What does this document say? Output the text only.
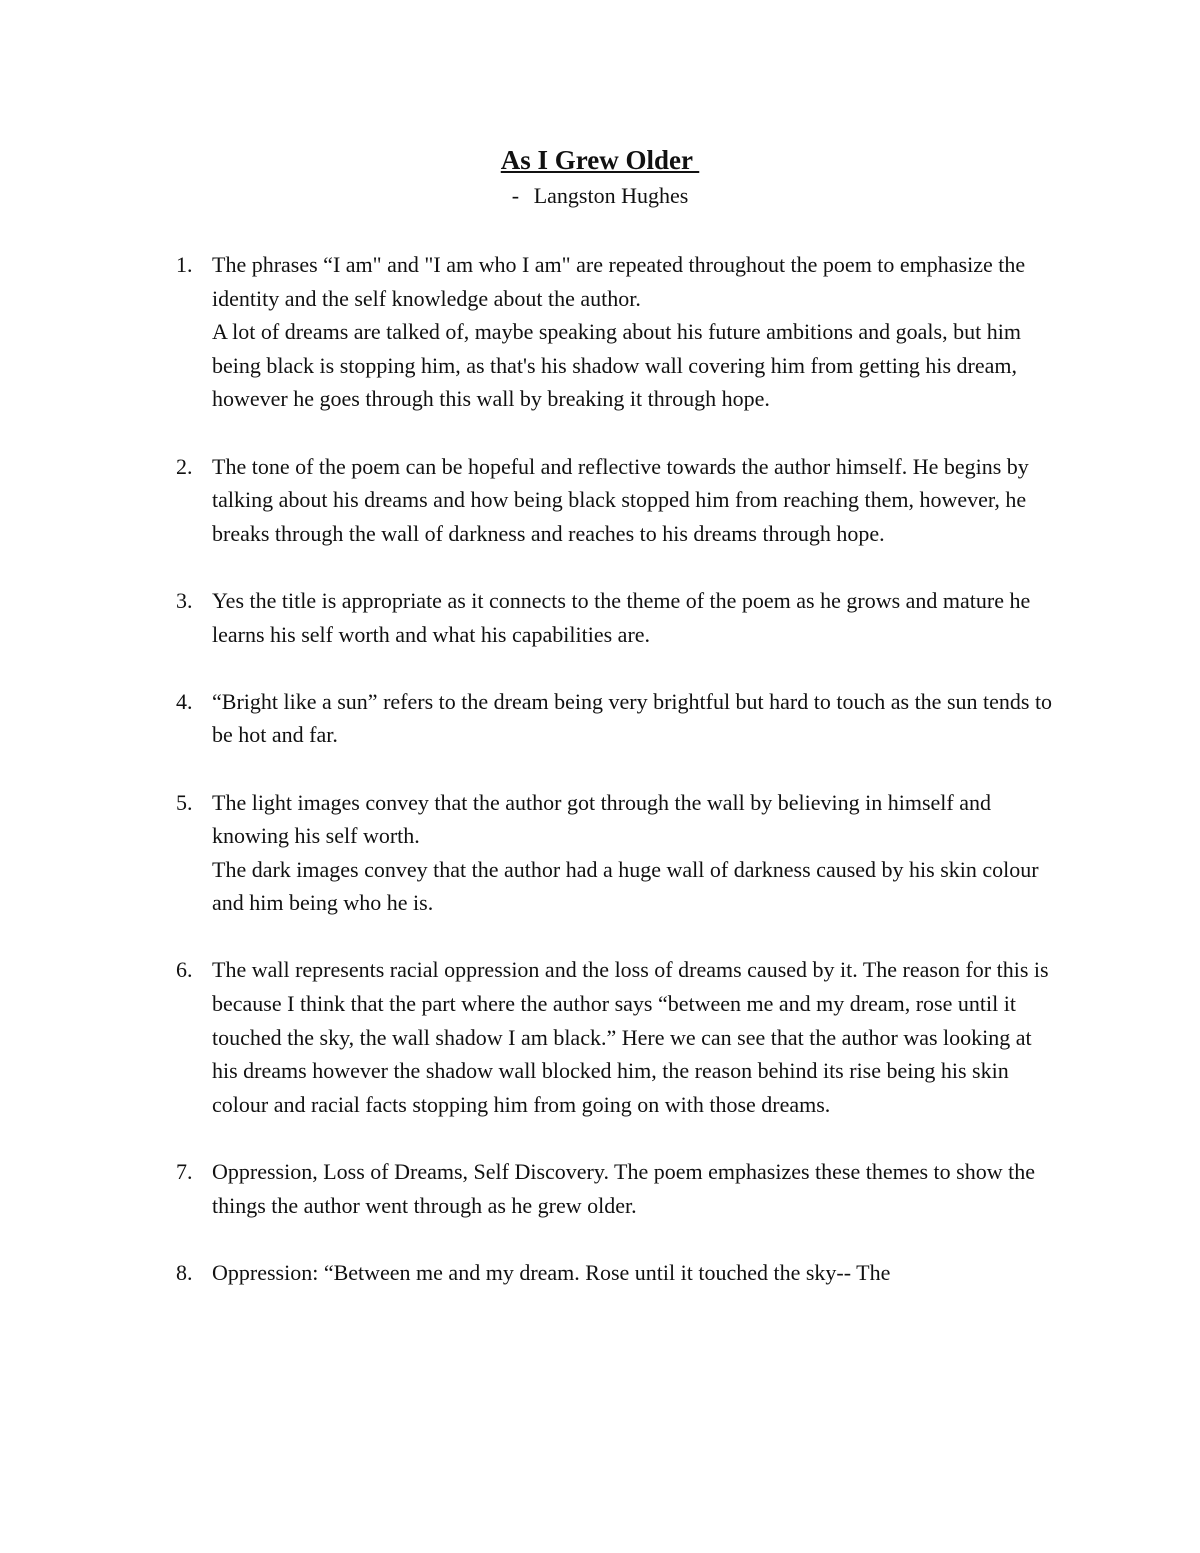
As I Grew Older
- Langston Hughes
1. The phrases “I am" and "I am who I am" are repeated throughout the poem to emphasize the identity and the self knowledge about the author.
A lot of dreams are talked of, maybe speaking about his future ambitions and goals, but him being black is stopping him, as that's his shadow wall covering him from getting his dream, however he goes through this wall by breaking it through hope.
2. The tone of the poem can be hopeful and reflective towards the author himself. He begins by talking about his dreams and how being black stopped him from reaching them, however, he breaks through the wall of darkness and reaches to his dreams through hope.
3. Yes the title is appropriate as it connects to the theme of the poem as he grows and mature he learns his self worth and what his capabilities are.
4. “Bright like a sun” refers to the dream being very brightful but hard to touch as the sun tends to be hot and far.
5. The light images convey that the author got through the wall by believing in himself and knowing his self worth.
The dark images convey that the author had a huge wall of darkness caused by his skin colour and him being who he is.
6. The wall represents racial oppression and the loss of dreams caused by it. The reason for this is because I think that the part where the author says “between me and my dream, rose until it touched the sky, the wall shadow I am black.” Here we can see that the author was looking at his dreams however the shadow wall blocked him, the reason behind its rise being his skin colour and racial facts stopping him from going on with those dreams.
7. Oppression, Loss of Dreams, Self Discovery. The poem emphasizes these themes to show the things the author went through as he grew older.
8. Oppression: “Between me and my dream. Rose until it touched the sky-- The
